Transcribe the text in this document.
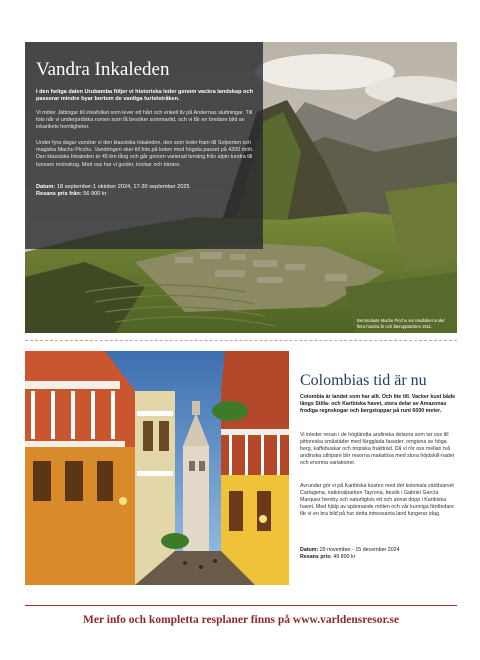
Vandra Inkaleden

I den heliga dalen Urubamba följer vi historiska leder genom vackra landskap och passerar mindre byar bortom de vanliga turiststråken.

Vi möter Jättingar till inkafolket som lever ett hårt och enkelt liv på Andernas sluttningar. Till fots når vi underjordiska rumen som få besöker sommartid, och vi får en bredare bild av inkarikets hemligheter.

Under fyra dagar vandrar vi den klassiska Inkaleden, den som leder fram till Solporten och magiska Machu Picchu. Vandringen sker till fots på leden med högsta passet på 4200 möh. Den klassiska Inkaleden är 45 km lång och går genom varierad terräng från alpin tundra till tunnare molnskog. Med oss har vi guider, kockar och bärare.

Datum: 18 september-1 oktober 2024, 17-30 september 2025
Resans pris från: 56 900 kr

Berömdaste Machu Picchu var inkafolket under flera hundra år och återupptäcktes 1911.
Colombias tid är nu

Colombia är landet som har allt. Och lite till. Vacker kust både längs Stilla- och Karibiska havet, stora delar av Amazonas frodiga regnskogar och bergstoppar på runt 6000 meter.

Vi inleder resan i de högländta andinska delarna som tar oss till pittoreska småstäder med färggladа fasader, omgivna av höga berg, kaffebuskar och tropiska fruktträd. Då vi rör oss mellan två andinska utlöpare blir resorna makalösa med stora höjdskill-nader och enorma variationer.

Avrundar gör vi på Karibiska kusten med det koloniala världsarvet Cartagena, nationalparken Tayrona, besök i Gabriel García Marquez hemby och naturligtvis ett och annat dopp i Karibiska havet. Med hjälp av spännande möten och vår kunniga färdledare får vi en bra bild på hur detta intressanta land fungerar idag.

Datum: 29 november - 15 december 2024
Resans pris: 49 800 kr

Mer info och kompletta resplaner finns på www.varldensresor.se
